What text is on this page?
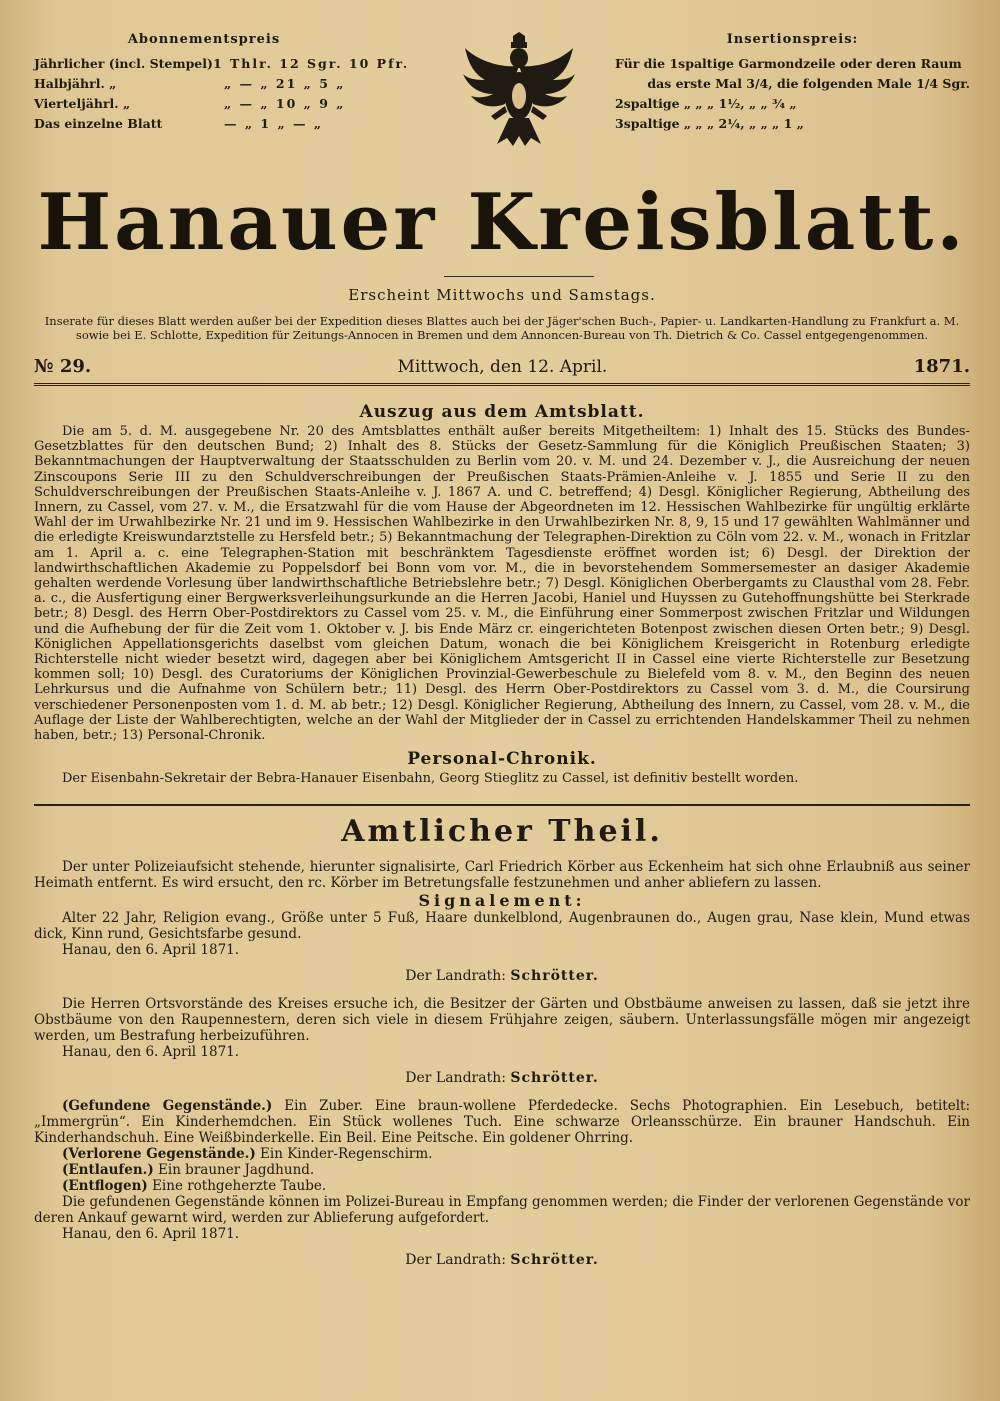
Abonnementspreis
Jährlicher (incl. Stempel) 1 Thlr. 12 Sgr. 10 Pfr.
Halbjährl. „	„ — „ 21 „ 5 „
Vierteljährl. „	„ — „ 10 „ 9 „
Das einzelne Blatt	— „ 1 „ — „
Insertionspreis:
Für die 1spaltige Garmondzeile oder deren Raum
das erste Mal 3/4, die folgenden Male 1/4 Sgr.
2spaltige „ „ „ 1½, „ „ ¾ „
3spaltige „ „ „ 2¼, „ „ „ 1 „
Hanauer Kreisblatt.
Erscheint Mittwochs und Samstags.
Inserate für dieses Blatt werden außer bei der Expedition dieses Blattes auch bei der Jäger'schen Buch-, Papier- u. Landkarten-Handlung zu Frankfurt a. M. sowie bei E. Schlotte, Expedition für Zeitungs-Annocen in Bremen und dem Annoncen-Bureau von Th. Dietrich & Co. Cassel entgegengenommen.
№ 29.	Mittwoch, den 12. April.	1871.
Auszug aus dem Amtsblatt.

Die am 5. d. M. ausgegebene Nr. 20 des Amtsblattes enthält außer bereits Mitgetheiltem: 1) Inhalt des 15. Stücks des Bundes-Gesetzblattes für den deutschen Bund; 2) Inhalt des 8. Stücks der Gesetz-Sammlung für die Königlich Preußischen Staaten; 3) Bekanntmachungen der Hauptverwaltung der Staatsschulden zu Berlin vom 20. v. M. und 24. Dezember v. J., die Ausreichung der neuen Zinscoupons Serie III zu den Schuldverschreibungen der Preußischen Staats-Prämien-Anleihe v. J. 1855 und Serie II zu den Schuldverschreibungen der Preußischen Staats-Anleihe v. J. 1867 A. und C. betreffend; 4) Desgl. Königlicher Regierung, Abtheilung des Innern, zu Cassel, vom 27. v. M., die Ersatzwahl für die vom Hause der Abgeordneten im 12. Hessischen Wahlbezirke für ungültig erklärte Wahl der im Urwahlbezirke Nr. 21 und im 9. Hessischen Wahlbezirke in den Urwahlbezirken Nr. 8, 9, 15 und 17 gewählten Wahlmänner und die erledigte Kreiswundarztstelle zu Hersfeld betr.; 5) Bekanntmachung der Telegraphen-Direktion zu Cöln vom 22. v. M., wonach in Fritzlar am 1. April a. c. eine Telegraphen-Station mit beschränktem Tagesdienste eröffnet worden ist; 6) Desgl. der Direktion der landwirthschaftlichen Akademie zu Poppelsdorf bei Bonn vom vor. M., die in bevorstehendem Sommersemester an dasiger Akademie gehalten werdende Vorlesung über landwirthschaftliche Betriebslehre betr.; 7) Desgl. Königlichen Oberbergamts zu Clausthal vom 28. Febr. a. c., die Ausfertigung einer Bergwerksverleihungsurkunde an die Herren Jacobi, Haniel und Huyssen zu Gutehoffnungshütte bei Sterkrade betr.; 8) Desgl. des Herrn Ober-Postdirektors zu Cassel vom 25. v. M., die Einführung einer Sommerpost zwischen Fritzlar und Wildungen und die Aufhebung der für die Zeit vom 1. Oktober v. J. bis Ende März cr. eingerichteten Botenpost zwischen diesen Orten betr.; 9) Desgl. Königlichen Appellationsgerichts daselbst vom gleichen Datum, wonach die bei Königlichem Kreisgericht in Rotenburg erledigte Richterstelle nicht wieder besetzt wird, dagegen aber bei Königlichem Amtsgericht II in Cassel eine vierte Richterstelle zur Besetzung kommen soll; 10) Desgl. des Curatoriums der Königlichen Provinzial-Gewerbeschule zu Bielefeld vom 8. v. M., den Beginn des neuen Lehrkursus und die Aufnahme von Schülern betr.; 11) Desgl. des Herrn Ober-Postdirektors zu Cassel vom 3. d. M., die Coursirung verschiedener Personenposten vom 1. d. M. ab betr.; 12) Desgl. Königlicher Regierung, Abtheilung des Innern, zu Cassel, vom 28. v. M., die Auflage der Liste der Wahlberechtigten, welche an der Wahl der Mitglieder der in Cassel zu errichtenden Handelskammer Theil zu nehmen haben, betr.; 13) Personal-Chronik.

Personal-Chronik.

Der Eisenbahn-Sekretair der Bebra-Hanauer Eisenbahn, Georg Stieglitz zu Cassel, ist definitiv bestellt worden.

Amtlicher Theil.

Der unter Polizeiaufsicht stehende, hierunter signalisirte, Carl Friedrich Körber aus Eckenheim hat sich ohne Erlaubniß aus seiner Heimath entfernt. Es wird ersucht, den rc. Körber im Betretungsfalle festzunehmen und anher abliefern zu lassen.

Signalement:

Alter 22 Jahr, Religion evang., Größe unter 5 Fuß, Haare dunkelblond, Augenbraunen do., Augen grau, Nase klein, Mund etwas dick, Kinn rund, Gesichtsfarbe gesund.

Hanau, den 6. April 1871.

Der Landrath: Schrötter.

Die Herren Ortsvorstände des Kreises ersuche ich, die Besitzer der Gärten und Obstbäume anweisen zu lassen, daß sie jetzt ihre Obstbäume von den Raupennestern, deren sich viele in diesem Frühjahre zeigen, säubern. Unterlassungsfälle mögen mir angezeigt werden, um Bestrafung herbeizuführen.

Hanau, den 6. April 1871.

Der Landrath: Schrötter.

(Gefundene Gegenstände.) Ein Zuber. Eine braun-wollene Pferdedecke. Sechs Photographien. Ein Lesebuch, betitelt: „Immergrün“. Ein Kinderhemdchen. Ein Stück wollenes Tuch. Eine schwarze Orleansschürze. Ein brauner Handschuh. Ein Kinderhandschuh. Eine Weißbinderkelle. Ein Beil. Eine Peitsche. Ein goldener Ohrring.

(Verlorene Gegenstände.) Ein Kinder-Regenschirm.

(Entlaufen.) Ein brauner Jagdhund.

(Entflogen) Eine rothgeherzte Taube.

Die gefundenen Gegenstände können im Polizei-Bureau in Empfang genommen werden; die Finder der verlorenen Gegenstände vor deren Ankauf gewarnt wird, werden zur Ablieferung aufgefordert.

Hanau, den 6. April 1871.

Der Landrath: Schrötter.
